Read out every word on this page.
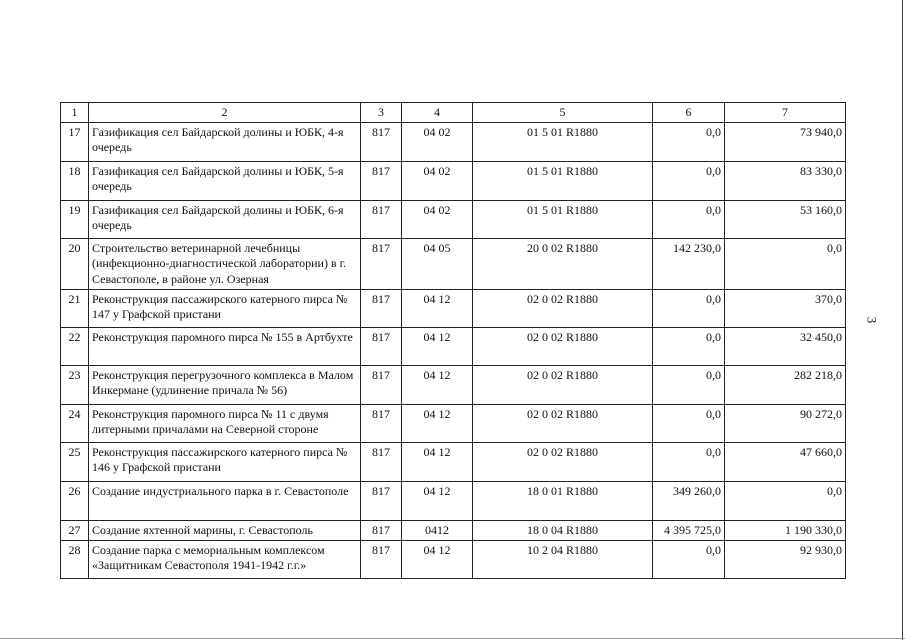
3
1	2	3	4	5	6	7
17	Газификация сел Байдарской долины и ЮБК, 4-я очередь	817	04 02	01 5 01 R1880	0,0	73 940,0
18	Газификация сел Байдарской долины и ЮБК, 5-я очередь	817	04 02	01 5 01 R1880	0,0	83 330,0
19	Газификация сел Байдарской долины и ЮБК, 6-я очередь	817	04 02	01 5 01 R1880	0,0	53 160,0
20	Строительство ветеринарной лечебницы (инфекционно-диагностической лаборатории) в г. Севастополе, в районе ул. Озерная	817	04 05	20 0 02 R1880	142 230,0	0,0
21	Реконструкция пассажирского катерного пирса № 147 у Графской пристани	817	04 12	02 0 02 R1880	0,0	370,0
22	Реконструкция паромного пирса № 155 в Артбухте	817	04 12	02 0 02 R1880	0,0	32 450,0
23	Реконструкция перегрузочного комплекса в Малом Инкермане (удлинение причала № 56)	817	04 12	02 0 02 R1880	0,0	282 218,0
24	Реконструкция паромного пирса № 11 с двумя литерными причалами на Северной стороне	817	04 12	02 0 02 R1880	0,0	90 272,0
25	Реконструкция пассажирского катерного пирса № 146 у Графской пристани	817	04 12	02 0 02 R1880	0,0	47 660,0
26	Создание индустриального парка в г. Севастополе	817	04 12	18 0 01 R1880	349 260,0	0,0
27	Создание яхтенной марины, г. Севастополь	817	0412	18 0 04 R1880	4 395 725,0	1 190 330,0
28	Создание парка с мемориальным комплексом «Защитникам Севастополя 1941-1942 г.г.»	817	04 12	10 2 04 R1880	0,0	92 930,0
